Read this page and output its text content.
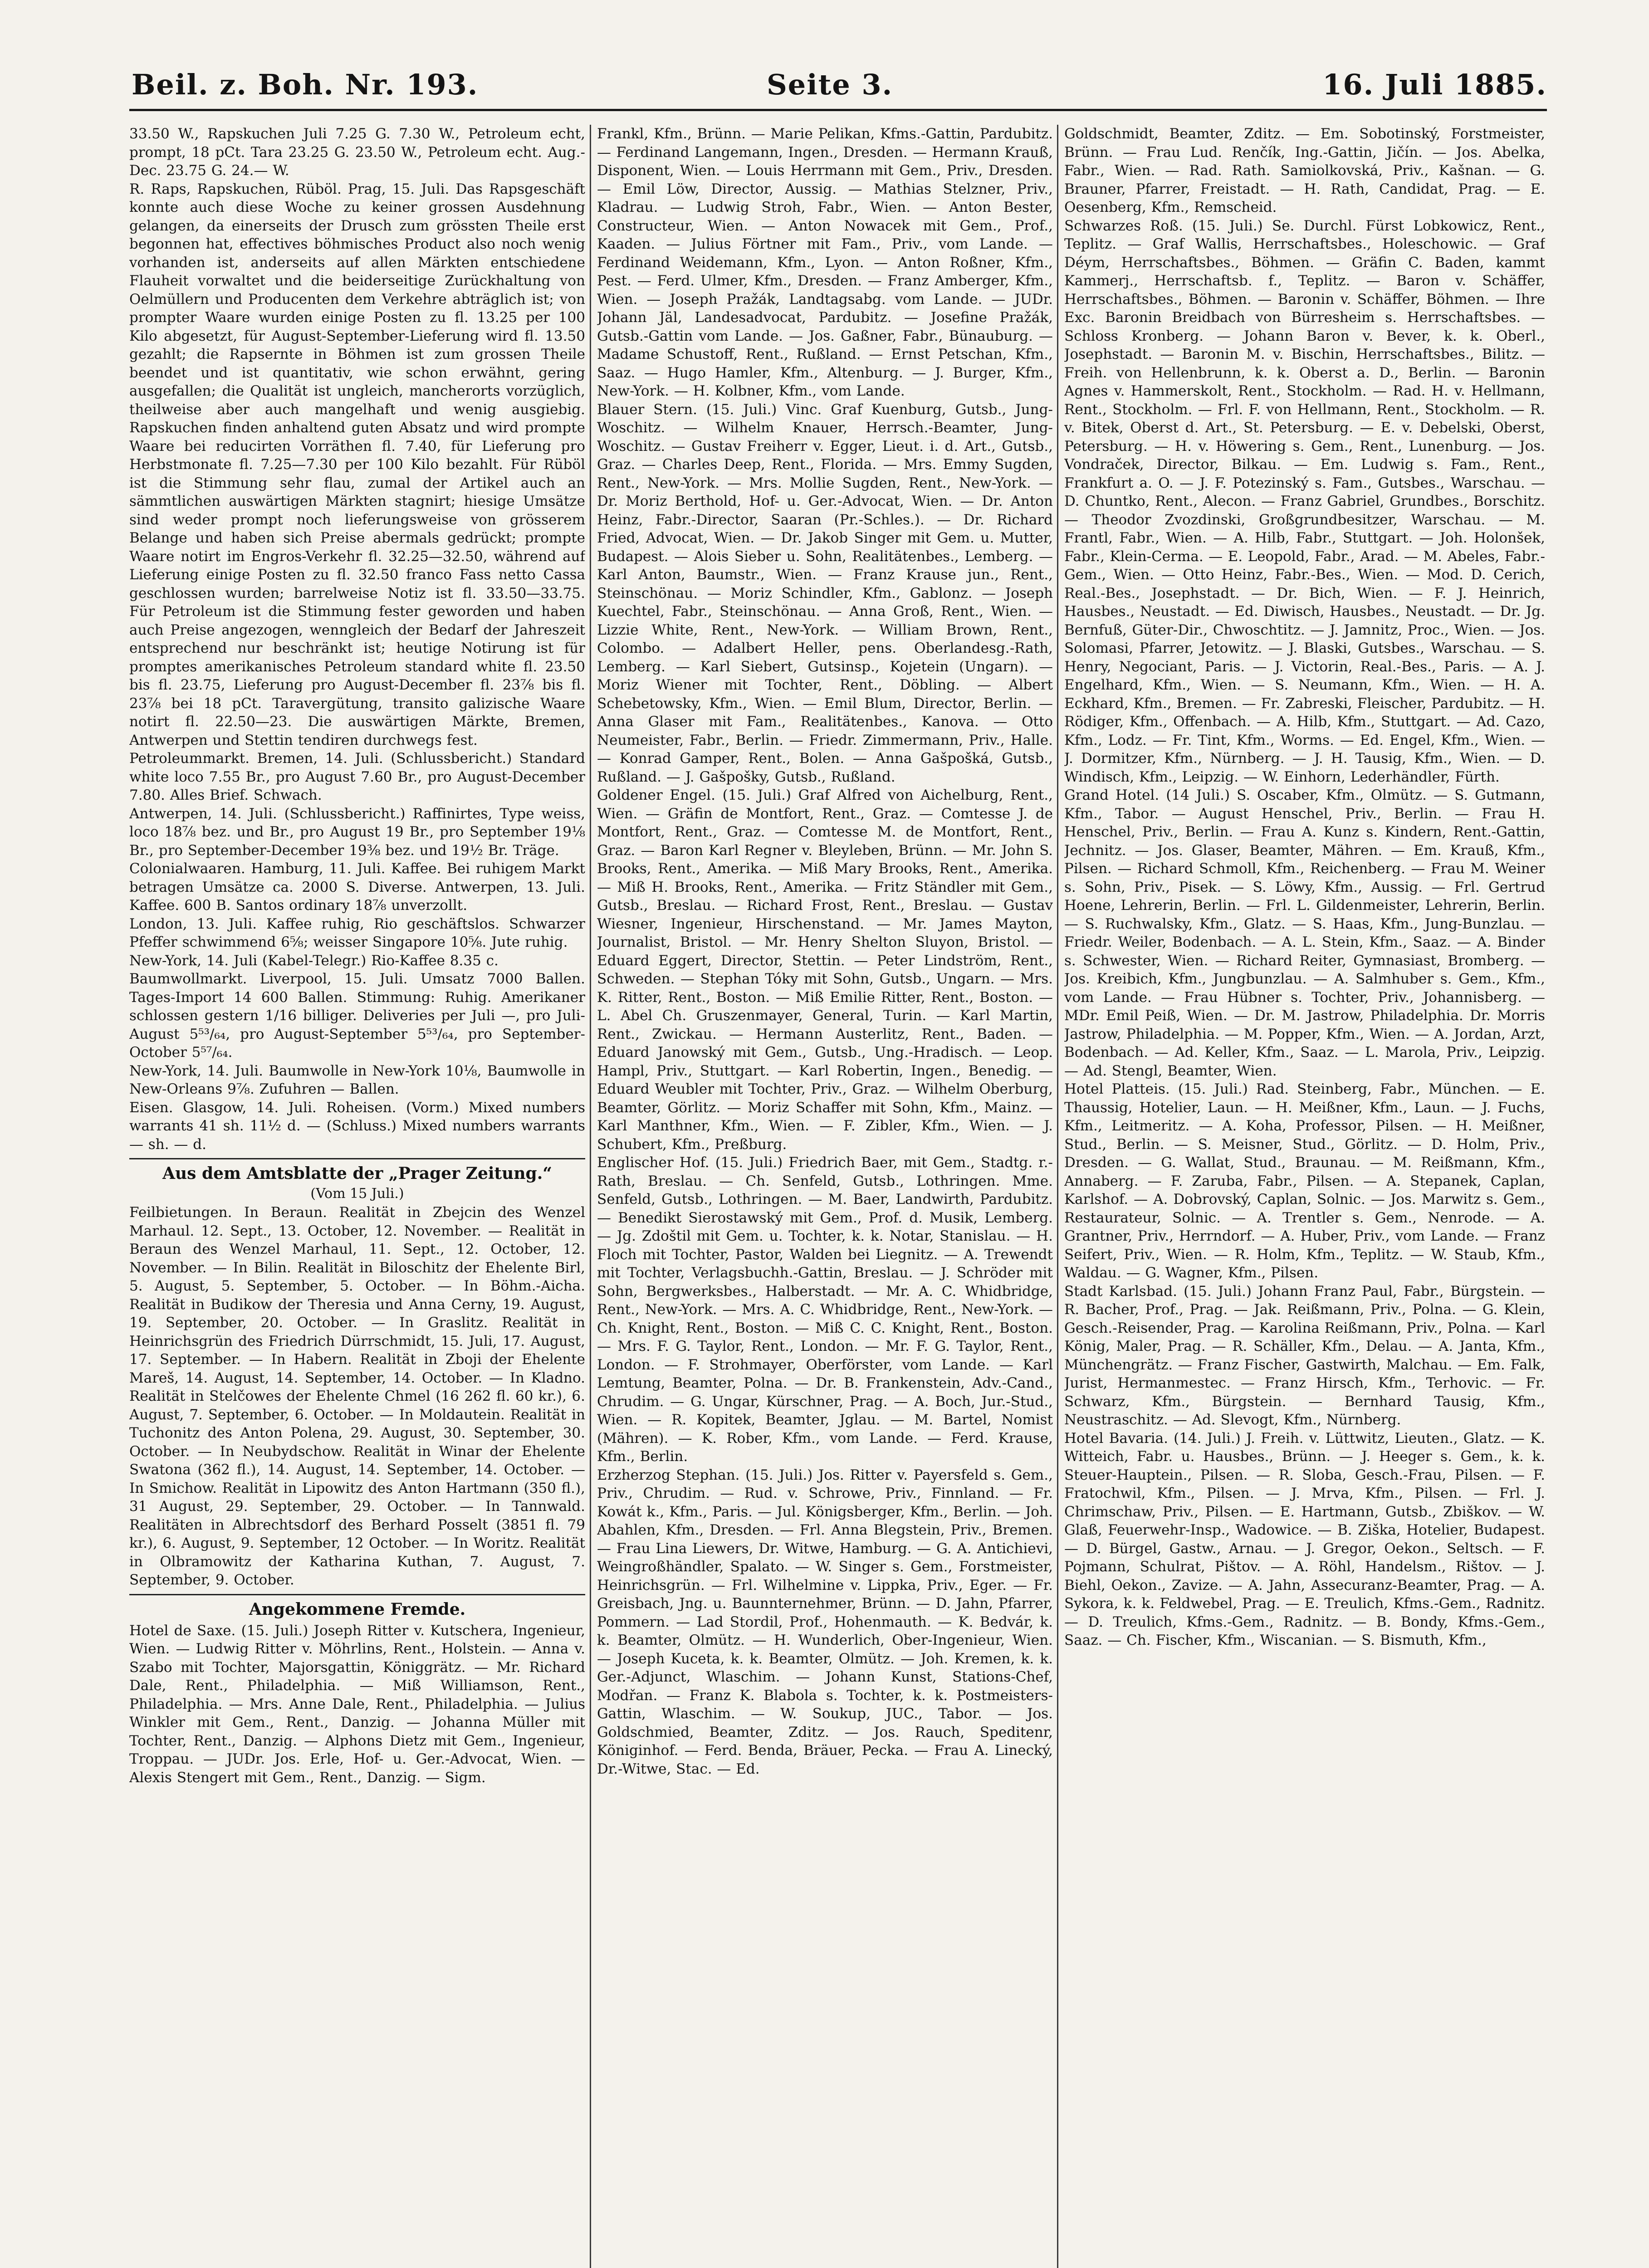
Beil. z. Boh. Nr. 193.	Seite 3.	16. Juli 1885.

33.50 W., Rapskuchen Juli 7.25 G. 7.30 W., Petroleum echt, prompt, 18 pCt. Tara 23.25 G. 23.50 W., Petroleum echt. Aug.-Dec. 23.75 G. 24.— W.

R. Raps, Rapskuchen, Rüböl. Prag, 15. Juli. Das Rapsgeschäft konnte auch diese Woche zu keiner grossen Ausdehnung gelangen, da einerseits der Drusch zum grössten Theile erst begonnen hat, effectives böhmisches Product also noch wenig vorhanden ist, anderseits auf allen Märkten entschiedene Flauheit vorwaltet und die beiderseitige Zurückhaltung von Oelmüllern und Producenten dem Verkehre abträglich ist; von prompter Waare wurden einige Posten zu fl. 13.25 per 100 Kilo abgesetzt, für August-September-Lieferung wird fl. 13.50 gezahlt; die Rapsernte in Böhmen ist zum grossen Theile beendet und ist quantitativ, wie schon erwähnt, gering ausgefallen; die Qualität ist ungleich, mancherorts vorzüglich, theilweise aber auch mangelhaft und wenig ausgiebig. Rapskuchen finden anhaltend guten Absatz und wird prompte Waare bei reducirten Vorräthen fl. 7.40, für Lieferung pro Herbstmonate fl. 7.25—7.30 per 100 Kilo bezahlt. Für Rüböl ist die Stimmung sehr flau, zumal der Artikel auch an sämmtlichen auswärtigen Märkten stagnirt; hiesige Umsätze sind weder prompt noch lieferungsweise von grösserem Belange und haben sich Preise abermals gedrückt; prompte Waare notirt im Engros-Verkehr fl. 32.25—32.50, während auf Lieferung einige Posten zu fl. 32.50 franco Fass netto Cassa geschlossen wurden; barrelweise Notiz ist fl. 33.50—33.75. Für Petroleum ist die Stimmung fester geworden und haben auch Preise angezogen, wenngleich der Bedarf der Jahreszeit entsprechend nur beschränkt ist; heutige Notirung ist für promptes amerikanisches Petroleum standard white fl. 23.50 bis fl. 23.75, Lieferung pro August-December fl. 23⅞ bis fl. 23⅞ bei 18 pCt. Taravergütung, transito galizische Waare notirt fl. 22.50—23. Die auswärtigen Märkte, Bremen, Antwerpen und Stettin tendiren durchwegs fest.

Petroleummarkt. Bremen, 14. Juli. (Schlussbericht.) Standard white loco 7.55 Br., pro August 7.60 Br., pro August-December 7.80. Alles Brief. Schwach.

Antwerpen, 14. Juli. (Schlussbericht.) Raffinirtes, Type weiss, loco 18⅞ bez. und Br., pro August 19 Br., pro September 19⅛ Br., pro September-December 19⅜ bez. und 19½ Br. Träge.

Colonialwaaren. Hamburg, 11. Juli. Kaffee. Bei ruhigem Markt betragen Umsätze ca. 2000 S. Diverse. Antwerpen, 13. Juli. Kaffee. 600 B. Santos ordinary 18⅞ unverzollt.

London, 13. Juli. Kaffee ruhig, Rio geschäftslos. Schwarzer Pfeffer schwimmend 6⅝; weisser Singapore 10⅝. Jute ruhig.

New-York, 14. Juli (Kabel-Telegr.) Rio-Kaffee 8.35 c.

Baumwollmarkt. Liverpool, 15. Juli. Umsatz 7000 Ballen. Tages-Import 14 600 Ballen. Stimmung: Ruhig. Amerikaner schlossen gestern 1/16 billiger. Deliveries per Juli —, pro Juli-August 5⁵³/₆₄, pro August-September 5⁵³/₆₄, pro September-October 5⁵⁷/₆₄.

New-York, 14. Juli. Baumwolle in New-York 10⅛, Baumwolle in New-Orleans 9⅞. Zufuhren — Ballen.

Eisen. Glasgow, 14. Juli. Roheisen. (Vorm.) Mixed numbers warrants 41 sh. 11½ d. — (Schluss.) Mixed numbers warrants — sh. — d.

Aus dem Amtsblatte der „Prager Zeitung.“
(Vom 15 Juli.)

Feilbietungen. In Beraun. Realität in Zbejcin des Wenzel Marhaul. 12. Sept., 13. October, 12. November. — Realität in Beraun des Wenzel Marhaul, 11. Sept., 12. October, 12. November. — In Bilin. Realität in Biloschitz der Ehelente Birl, 5. August, 5. September, 5. October. — In Böhm.-Aicha. Realität in Budikow der Theresia und Anna Cerny, 19. August, 19. September, 20. October. — In Graslitz. Realität in Heinrichsgrün des Friedrich Dürrschmidt, 15. Juli, 17. August, 17. September. — In Habern. Realität in Zboji der Ehelente Mareš, 14. August, 14. September, 14. October. — In Kladno. Realität in Stelčowes der Ehelente Chmel (16 262 fl. 60 kr.), 6. August, 7. September, 6. October. — In Moldautein. Realität in Tuchonitz des Anton Polena, 29. August, 30. September, 30. October. — In Neubydschow. Realität in Winar der Ehelente Swatona (362 fl.), 14. August, 14. September, 14. October. — In Smichow. Realität in Lipowitz des Anton Hartmann (350 fl.), 31 August, 29. September, 29. October. — In Tannwald. Realitäten in Albrechtsdorf des Berhard Posselt (3851 fl. 79 kr.), 6. August, 9. September, 12 October. — In Woritz. Realität in Olbramowitz der Katharina Kuthan, 7. August, 7. September, 9. October.

Angekommene Fremde.

Hotel de Saxe. (15. Juli.) Joseph Ritter v. Kutschera, Ingenieur, Wien. — Ludwig Ritter v. Möhrlins, Rent., Holstein. — Anna v. Szabo mit Tochter, Majorsgattin, Königgrätz. — Mr. Richard Dale, Rent., Philadelphia. — Miß Williamson, Rent., Philadelphia. — Mrs. Anne Dale, Rent., Philadelphia. — Julius Winkler mit Gem., Rent., Danzig. — Johanna Müller mit Tochter, Rent., Danzig. — Alphons Dietz mit Gem., Ingenieur, Troppau. — JUDr. Jos. Erle, Hof- u. Ger.-Advocat, Wien. — Alexis Stengert mit Gem., Rent., Danzig. — Sigm.

Frankl, Kfm., Brünn. — Marie Pelikan, Kfms.-Gattin, Pardubitz. — Ferdinand Langemann, Ingen., Dresden. — Hermann Krauß, Disponent, Wien. — Louis Herrmann mit Gem., Priv., Dresden. — Emil Löw, Director, Aussig. — Mathias Stelzner, Priv., Kladrau. — Ludwig Stroh, Fabr., Wien. — Anton Bester, Constructeur, Wien. — Anton Nowacek mit Gem., Prof., Kaaden. — Julius Förtner mit Fam., Priv., vom Lande. — Ferdinand Weidemann, Kfm., Lyon. — Anton Roßner, Kfm., Pest. — Ferd. Ulmer, Kfm., Dresden. — Franz Amberger, Kfm., Wien. — Joseph Pražák, Landtagsabg. vom Lande. — JUDr. Johann Jäl, Landesadvocat, Pardubitz. — Josefine Pražák, Gutsb.-Gattin vom Lande. — Jos. Gaßner, Fabr., Bünauburg. — Madame Schustoff, Rent., Rußland. — Ernst Petschan, Kfm., Saaz. — Hugo Hamler, Kfm., Altenburg. — J. Burger, Kfm., New-York. — H. Kolbner, Kfm., vom Lande.

Blauer Stern. (15. Juli.) Vinc. Graf Kuenburg, Gutsb., Jung-Woschitz. — Wilhelm Knauer, Herrsch.-Beamter, Jung-Woschitz. — Gustav Freiherr v. Egger, Lieut. i. d. Art., Gutsb., Graz. — Charles Deep, Rent., Florida. — Mrs. Emmy Sugden, Rent., New-York. — Mrs. Mollie Sugden, Rent., New-York. — Dr. Moriz Berthold, Hof- u. Ger.-Advocat, Wien. — Dr. Anton Heinz, Fabr.-Director, Saaran (Pr.-Schles.). — Dr. Richard Fried, Advocat, Wien. — Dr. Jakob Singer mit Gem. u. Mutter, Budapest. — Alois Sieber u. Sohn, Realitätenbes., Lemberg. — Karl Anton, Baumstr., Wien. — Franz Krause jun., Rent., Steinschönau. — Moriz Schindler, Kfm., Gablonz. — Joseph Kuechtel, Fabr., Steinschönau. — Anna Groß, Rent., Wien. — Lizzie White, Rent., New-York. — William Brown, Rent., Colombo. — Adalbert Heller, pens. Oberlandesg.-Rath, Lemberg. — Karl Siebert, Gutsinsp., Kojetein (Ungarn). — Moriz Wiener mit Tochter, Rent., Döbling. — Albert Schebetowsky, Kfm., Wien. — Emil Blum, Director, Berlin. — Anna Glaser mit Fam., Realitätenbes., Kanova. — Otto Neumeister, Fabr., Berlin. — Friedr. Zimmermann, Priv., Halle. — Konrad Gamper, Rent., Bolen. — Anna Gašpošká, Gutsb., Rußland. — J. Gašpošky, Gutsb., Rußland.

Goldener Engel. (15. Juli.) Graf Alfred von Aichelburg, Rent., Wien. — Gräfin de Montfort, Rent., Graz. — Comtesse J. de Montfort, Rent., Graz. — Comtesse M. de Montfort, Rent., Graz. — Baron Karl Regner v. Bleyleben, Brünn. — Mr. John S. Brooks, Rent., Amerika. — Miß Mary Brooks, Rent., Amerika. — Miß H. Brooks, Rent., Amerika. — Fritz Ständler mit Gem., Gutsb., Breslau. — Richard Frost, Rent., Breslau. — Gustav Wiesner, Ingenieur, Hirschenstand. — Mr. James Mayton, Journalist, Bristol. — Mr. Henry Shelton Sluyon, Bristol. — Eduard Eggert, Director, Stettin. — Peter Lindström, Rent., Schweden. — Stephan Tóky mit Sohn, Gutsb., Ungarn. — Mrs. K. Ritter, Rent., Boston. — Miß Emilie Ritter, Rent., Boston. — L. Abel Ch. Gruszenmayer, General, Turin. — Karl Martin, Rent., Zwickau. — Hermann Austerlitz, Rent., Baden. — Eduard Janowský mit Gem., Gutsb., Ung.-Hradisch. — Leop. Hampl, Priv., Stuttgart. — Karl Robertin, Ingen., Benedig. — Eduard Weubler mit Tochter, Priv., Graz. — Wilhelm Oberburg, Beamter, Görlitz. — Moriz Schaffer mit Sohn, Kfm., Mainz. — Karl Manthner, Kfm., Wien. — F. Zibler, Kfm., Wien. — J. Schubert, Kfm., Preßburg.

Englischer Hof. (15. Juli.) Friedrich Baer, mit Gem., Stadtg. r.-Rath, Breslau. — Ch. Senfeld, Gutsb., Lothringen. Mme. Senfeld, Gutsb., Lothringen. — M. Baer, Landwirth, Pardubitz. — Benedikt Sierostawský mit Gem., Prof. d. Musik, Lemberg. — Jg. Zdoštil mit Gem. u. Tochter, k. k. Notar, Stanislau. — H. Floch mit Tochter, Pastor, Walden bei Liegnitz. — A. Trewendt mit Tochter, Verlagsbuchh.-Gattin, Breslau. — J. Schröder mit Sohn, Bergwerksbes., Halberstadt. — Mr. A. C. Whidbridge, Rent., New-York. — Mrs. A. C. Whidbridge, Rent., New-York. — Ch. Knight, Rent., Boston. — Miß C. C. Knight, Rent., Boston. — Mrs. F. G. Taylor, Rent., London. — Mr. F. G. Taylor, Rent., London. — F. Strohmayer, Oberförster, vom Lande. — Karl Lemtung, Beamter, Polna. — Dr. B. Frankenstein, Adv.-Cand., Chrudim. — G. Ungar, Kürschner, Prag. — A. Boch, Jur.-Stud., Wien. — R. Kopitek, Beamter, Jglau. — M. Bartel, Nomist (Mähren). — K. Rober, Kfm., vom Lande. — Ferd. Krause, Kfm., Berlin.

Erzherzog Stephan. (15. Juli.) Jos. Ritter v. Payersfeld s. Gem., Priv., Chrudim. — Rud. v. Schrowe, Priv., Finnland. — Fr. Kowát k., Kfm., Paris. — Jul. Königsberger, Kfm., Berlin. — Joh. Abahlen, Kfm., Dresden. — Frl. Anna Blegstein, Priv., Bremen. — Frau Lina Liewers, Dr. Witwe, Hamburg. — G. A. Antichievi, Weingroßhändler, Spalato. — W. Singer s. Gem., Forstmeister, Heinrichsgrün. — Frl. Wilhelmine v. Lippka, Priv., Eger. — Fr. Greisbach, Jng. u. Baunnternehmer, Brünn. — D. Jahn, Pfarrer, Pommern. — Lad Stordil, Prof., Hohenmauth. — K. Bedvár, k. k. Beamter, Olmütz. — H. Wunderlich, Ober-Ingenieur, Wien. — Joseph Kuceta, k. k. Beamter, Olmütz. — Joh. Kremen, k. k. Ger.-Adjunct, Wlaschim. — Johann Kunst, Stations-Chef, Modřan. — Franz K. Blabola s. Tochter, k. k. Postmeisters-Gattin, Wlaschim. — W. Soukup, JUC., Tabor. — Jos. Goldschmied, Beamter, Zditz. — Jos. Rauch, Speditenr, Königinhof. — Ferd. Benda, Bräuer, Pecka. — Frau A. Linecký, Dr.-Witwe, Stac. — Ed.

Goldschmidt, Beamter, Zditz. — Em. Sobotinský, Forstmeister, Brünn. — Frau Lud. Renčík, Ing.-Gattin, Jičín. — Jos. Abelka, Fabr., Wien. — Rad. Rath. Samiolkovská, Priv., Kašnan. — G. Brauner, Pfarrer, Freistadt. — H. Rath, Candidat, Prag. — E. Oesenberg, Kfm., Remscheid.

Schwarzes Roß. (15. Juli.) Se. Durchl. Fürst Lobkowicz, Rent., Teplitz. — Graf Wallis, Herrschaftsbes., Holeschowic. — Graf Déym, Herrschaftsbes., Böhmen. — Gräfin C. Baden, kammt Kammerj., Herrschaftsb. f., Teplitz. — Baron v. Schäffer, Herrschaftsbes., Böhmen. — Baronin v. Schäffer, Böhmen. — Ihre Exc. Baronin Breidbach von Bürresheim s. Herrschaftsbes. — Schloss Kronberg. — Johann Baron v. Bever, k. k. Oberl., Josephstadt. — Baronin M. v. Bischin, Herrschaftsbes., Bilitz. — Freih. von Hellenbrunn, k. k. Oberst a. D., Berlin. — Baronin Agnes v. Hammerskolt, Rent., Stockholm. — Rad. H. v. Hellmann, Rent., Stockholm. — Frl. F. von Hellmann, Rent., Stockholm. — R. v. Bitek, Oberst d. Art., St. Petersburg. — E. v. Debelski, Oberst, Petersburg. — H. v. Höwering s. Gem., Rent., Lunenburg. — Jos. Vondraček, Director, Bilkau. — Em. Ludwig s. Fam., Rent., Frankfurt a. O. — J. F. Potezinský s. Fam., Gutsbes., Warschau. — D. Chuntko, Rent., Alecon. — Franz Gabriel, Grundbes., Borschitz. — Theodor Zvozdinski, Großgrundbesitzer, Warschau. — M. Frantl, Fabr., Wien. — A. Hilb, Fabr., Stuttgart. — Joh. Holonšek, Fabr., Klein-Cerma. — E. Leopold, Fabr., Arad. — M. Abeles, Fabr.-Gem., Wien. — Otto Heinz, Fabr.-Bes., Wien. — Mod. D. Cerich, Real.-Bes., Josephstadt. — Dr. Bich, Wien. — F. J. Heinrich, Hausbes., Neustadt. — Ed. Diwisch, Hausbes., Neustadt. — Dr. Jg. Bernfuß, Güter-Dir., Chwoschtitz. — J. Jamnitz, Proc., Wien. — Jos. Solomasi, Pfarrer, Jetowitz. — J. Blaski, Gutsbes., Warschau. — S. Henry, Negociant, Paris. — J. Victorin, Real.-Bes., Paris. — A. J. Engelhard, Kfm., Wien. — S. Neumann, Kfm., Wien. — H. A. Eckhard, Kfm., Bremen. — Fr. Zabreski, Fleischer, Pardubitz. — H. Rödiger, Kfm., Offenbach. — A. Hilb, Kfm., Stuttgart. — Ad. Cazo, Kfm., Lodz. — Fr. Tint, Kfm., Worms. — Ed. Engel, Kfm., Wien. — J. Dormitzer, Kfm., Nürnberg. — J. H. Tausig, Kfm., Wien. — D. Windisch, Kfm., Leipzig. — W. Einhorn, Lederhändler, Fürth.

Grand Hotel. (14 Juli.) S. Oscaber, Kfm., Olmütz. — S. Gutmann, Kfm., Tabor. — August Henschel, Priv., Berlin. — Frau H. Henschel, Priv., Berlin. — Frau A. Kunz s. Kindern, Rent.-Gattin, Jechnitz. — Jos. Glaser, Beamter, Mähren. — Em. Krauß, Kfm., Pilsen. — Richard Schmoll, Kfm., Reichenberg. — Frau M. Weiner s. Sohn, Priv., Pisek. — S. Löwy, Kfm., Aussig. — Frl. Gertrud Hoene, Lehrerin, Berlin. — Frl. L. Gildenmeister, Lehrerin, Berlin. — S. Ruchwalsky, Kfm., Glatz. — S. Haas, Kfm., Jung-Bunzlau. — Friedr. Weiler, Bodenbach. — A. L. Stein, Kfm., Saaz. — A. Binder s. Schwester, Wien. — Richard Reiter, Gymnasiast, Bromberg. — Jos. Kreibich, Kfm., Jungbunzlau. — A. Salmhuber s. Gem., Kfm., vom Lande. — Frau Hübner s. Tochter, Priv., Johannisberg. — MDr. Emil Peiß, Wien. — Dr. M. Jastrow, Philadelphia. Dr. Morris Jastrow, Philadelphia. — M. Popper, Kfm., Wien. — A. Jordan, Arzt, Bodenbach. — Ad. Keller, Kfm., Saaz. — L. Marola, Priv., Leipzig. — Ad. Stengl, Beamter, Wien.

Hotel Platteis. (15. Juli.) Rad. Steinberg, Fabr., München. — E. Thaussig, Hotelier, Laun. — H. Meißner, Kfm., Laun. — J. Fuchs, Kfm., Leitmeritz. — A. Koha, Professor, Pilsen. — H. Meißner, Stud., Berlin. — S. Meisner, Stud., Görlitz. — D. Holm, Priv., Dresden. — G. Wallat, Stud., Braunau. — M. Reißmann, Kfm., Annaberg. — F. Zaruba, Fabr., Pilsen. — A. Stepanek, Caplan, Karlshof. — A. Dobrovský, Caplan, Solnic. — Jos. Marwitz s. Gem., Restaurateur, Solnic. — A. Trentler s. Gem., Nenrode. — A. Grantner, Priv., Herrndorf. — A. Huber, Priv., vom Lande. — Franz Seifert, Priv., Wien. — R. Holm, Kfm., Teplitz. — W. Staub, Kfm., Waldau. — G. Wagner, Kfm., Pilsen.

Stadt Karlsbad. (15. Juli.) Johann Franz Paul, Fabr., Bürgstein. — R. Bacher, Prof., Prag. — Jak. Reißmann, Priv., Polna. — G. Klein, Gesch.-Reisender, Prag. — Karolina Reißmann, Priv., Polna. — Karl König, Maler, Prag. — R. Schäller, Kfm., Delau. — A. Janta, Kfm., Münchengrätz. — Franz Fischer, Gastwirth, Malchau. — Em. Falk, Jurist, Hermanmestec. — Franz Hirsch, Kfm., Terhovic. — Fr. Schwarz, Kfm., Bürgstein. — Bernhard Tausig, Kfm., Neustraschitz. — Ad. Slevogt, Kfm., Nürnberg.

Hotel Bavaria. (14. Juli.) J. Freih. v. Lüttwitz, Lieuten., Glatz. — K. Witteich, Fabr. u. Hausbes., Brünn. — J. Heeger s. Gem., k. k. Steuer-Hauptein., Pilsen. — R. Sloba, Gesch.-Frau, Pilsen. — F. Fratochwil, Kfm., Pilsen. — J. Mrva, Kfm., Pilsen. — Frl. J. Chrimschaw, Priv., Pilsen. — E. Hartmann, Gutsb., Zbiškov. — W. Glaß, Feuerwehr-Insp., Wadowice. — B. Ziška, Hotelier, Budapest. — D. Bürgel, Gastw., Arnau. — J. Gregor, Oekon., Seltsch. — F. Pojmann, Schulrat, Pištov. — A. Röhl, Handelsm., Rištov. — J. Biehl, Oekon., Zavize. — A. Jahn, Assecuranz-Beamter, Prag. — A. Sykora, k. k. Feldwebel, Prag. — E. Treulich, Kfms.-Gem., Radnitz. — D. Treulich, Kfms.-Gem., Radnitz. — B. Bondy, Kfms.-Gem., Saaz. — Ch. Fischer, Kfm., Wiscanian. — S. Bismuth, Kfm.,
